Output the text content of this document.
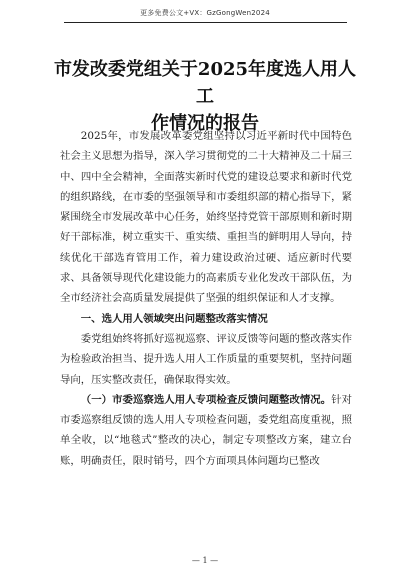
更多免费公文+VX：GzGongWen2024
市发改委党组关于2025年度选人用人工
作情况的报告

2025年，市发展改革委党组坚持以习近平新时代中国特色社会主义思想为指导，深入学习贯彻党的二十大精神及二十届三中、四中全会精神，全面落实新时代党的建设总要求和新时代党的组织路线，在市委的坚强领导和市委组织部的精心指导下，紧紧围绕全市发展改革中心任务，始终坚持党管干部原则和新时期好干部标准，树立重实干、重实绩、重担当的鲜明用人导向，持续优化干部选育管用工作，着力建设政治过硬、适应新时代要求、具备领导现代化建设能力的高素质专业化发改干部队伍，为全市经济社会高质量发展提供了坚强的组织保证和人才支撑。

一、选人用人领域突出问题整改落实情况

委党组始终将抓好巡视巡察、评议反馈等问题的整改落实作为检验政治担当、提升选人用人工作质量的重要契机，坚持问题导向，压实整改责任，确保取得实效。

（一）市委巡察选人用人专项检查反馈问题整改情况。针对市委巡察组反馈的选人用人专项检查问题，委党组高度重视，照单全收，以“地毯式”整改的决心，制定专项整改方案，建立台账，明确责任，限时销号，四个方面项具体问题均已整改

— 1 —
